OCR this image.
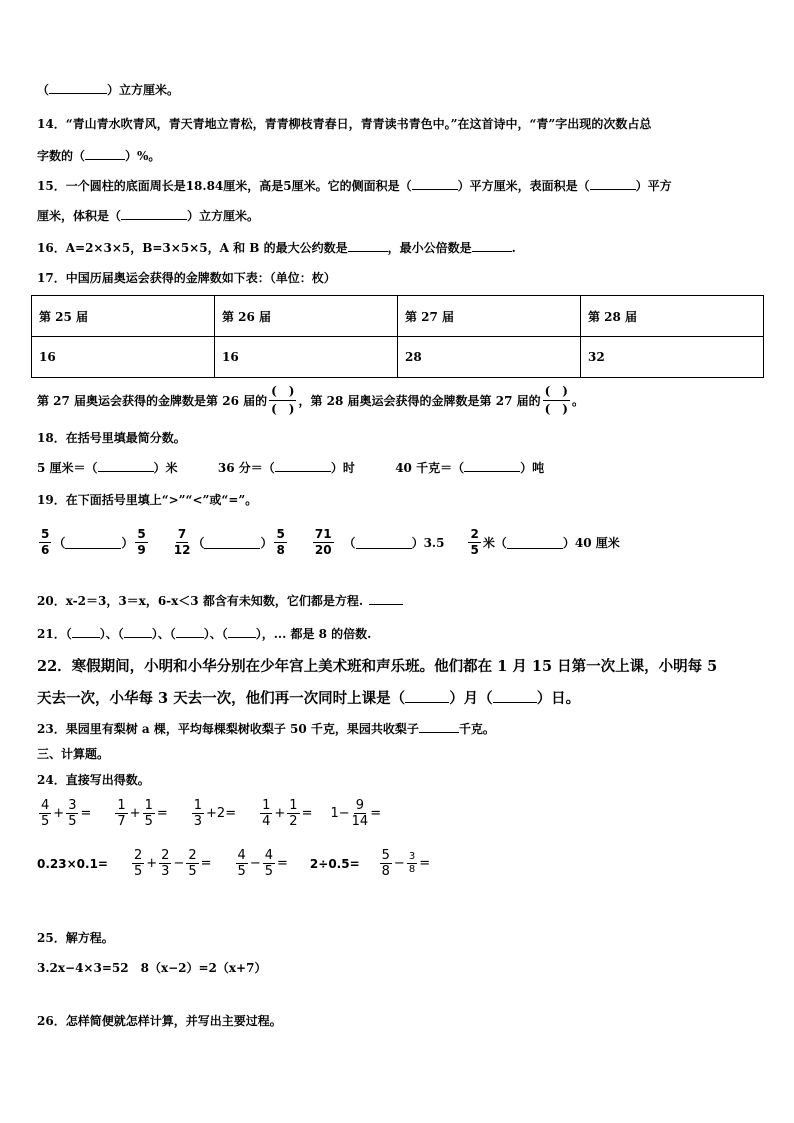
（	）立方厘米。
14．“青山青水吹青风，青天青地立青松，青青柳枝青春日，青青读书青色中。”在这首诗中，“青”字出现的次数占总
字数的（	）%。
15．一个圆柱的底面周长是18.84厘米，高是5厘米。它的侧面积是（	）平方厘米，表面积是（	）平方
厘米，体积是（	）立方厘米。
16．A=2×3×5，B=3×5×5，A 和 B 的最大公约数是	，最小公倍数是	.
17．中国历届奥运会获得的金牌数如下表：（单位：枚）
第 25 届	第 26 届	第 27 届	第 28 届
16	16	28	32
第 27 届奥运会获得的金牌数是第 26 届的 $\frac{( )}{( )}$ ，第 28 届奥运会获得的金牌数是第 27 届的 $\frac{( )}{( )}$ 。
18．在括号里填最简分数。
5 厘米＝（	）米	36 分＝（	）时	40 千克＝（	）吨
19．在下面括号里填上“>”“<”或“=”。
$\frac{5}{6}$ （	） $\frac{5}{9} \frac{7}{12}$ （	） $\frac{5}{8} \frac{71}{20}$ （	） $3.5 \frac{2}{5}$ 米 （	）40 厘米
20．x-2＝3，3＝x，6-x＜3 都含有未知数，它们都是方程.
21．（ ）、（ ）、（ ）、（ ），... 都是 8 的倍数.
22．寒假期间，小明和小华分别在少年宫上美术班和声乐班。他们都在 1 月 15 日第一次上课，小明每 5
天去一次，小华每 3 天去一次，他们再一次同时上课是（	）月（	）日。
23．果园里有梨树 a 棵，平均每棵梨树收梨子 50 千克，果园共收梨子	千克。
三、计算题。
24．直接写出得数。
$\frac{4}{5} + \frac{3}{5} = \frac{1}{7} + \frac{1}{5} = \frac{1}{3} +2= \frac{1}{4} + \frac{1}{2} = 1- \frac{9}{14}$ =
$0.23\times 0.1= \frac{2}{5} + \frac{2}{3} - \frac{2}{5} = \frac{4}{5} - \frac{4}{5} = 2\div 0.5= \frac{5}{8} - \frac{3}{8}$ =
25．解方程。
3.2x−4×3=52 8（x−2）=2（x+7）
26．怎样简便就怎样计算，并写出主要过程。
